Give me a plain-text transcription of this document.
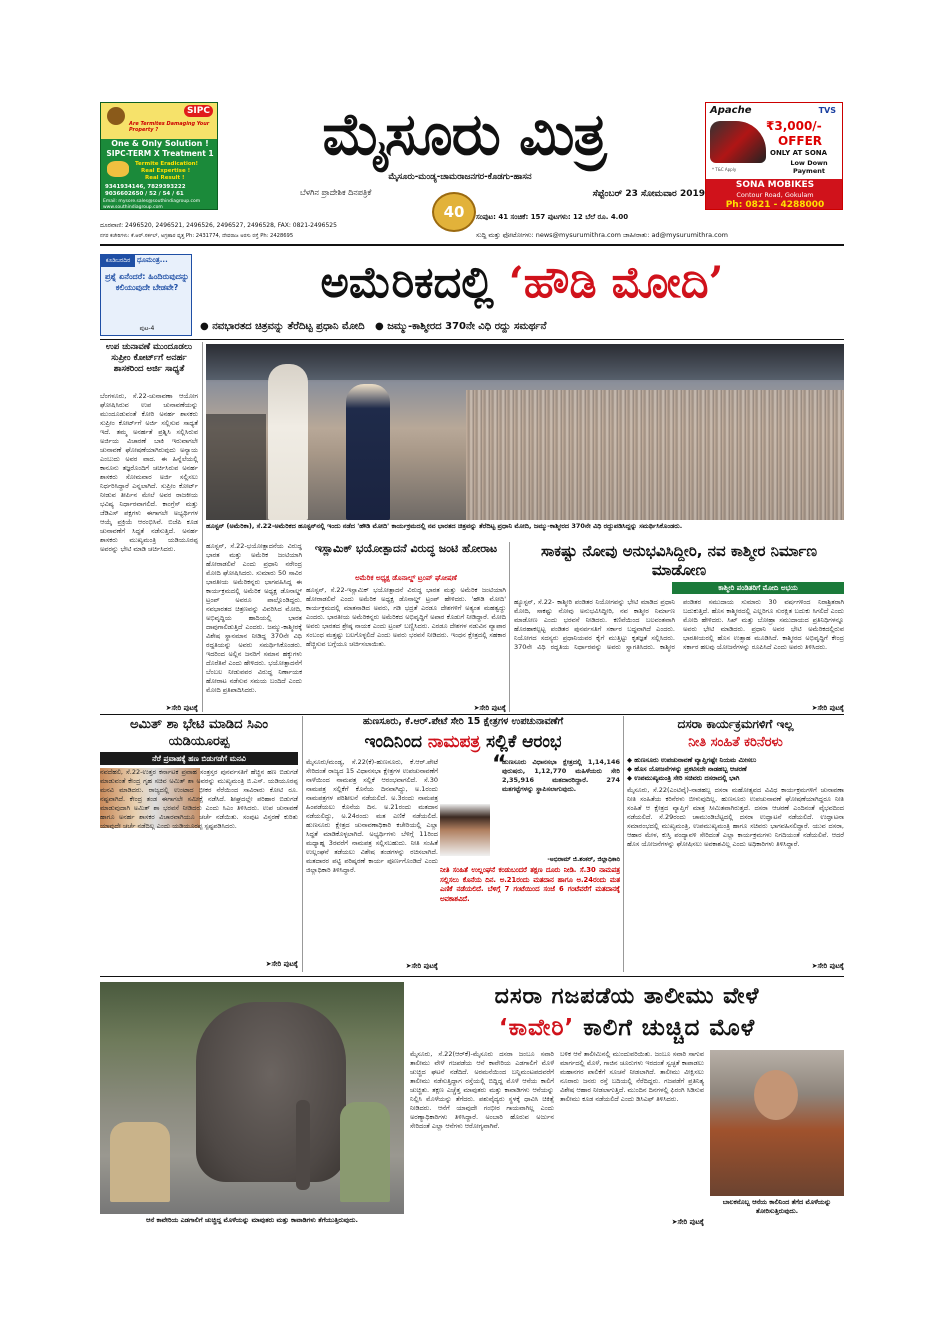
SIPC
Are Termites Damaging Your Property ?
One & Only Solution !
SIPC-TERM X Treatment 1
Termite Eradication!
Real Expertise !
Real Result !
9341934146, 7829393222
9036602650 / 52 / 54 / 61
Email: mysore.sales@southindiagroup.com
www.southindiagroup.com
ಮೈಸೂರು ಮಿತ್ರ
ಮೈಸೂರು-ಮಂಡ್ಯ-ಚಾಮರಾಜನಗರ-ಕೊಡಗು-ಹಾಸನ
ಬೆಳಗಿನ ಪ್ರಾದೇಶಿಕ ದಿನಪತ್ರಿಕೆ
40
ಸೆಪ್ಟೆಂಬರ್ 23 ಸೋಮವಾರ 2019
ಸಂಪುಟ: 41 ಸಂಚಿಕೆ: 157 ಪುಟಗಳು: 12 ಬೆಲೆ ರೂ. 4.00
ದೂರವಾಣಿ: 2496520, 2496521, 2496526, 2496527, 2496528, FAX: 0821-2496525
ನಗರ ಕಚೇರಿಗಳು: ಕೆ.ಆರ್.ಸರ್ಕಲ್, ಅಗ್ರಹಾರ ವೃತ್ತ Ph: 2431774, ದೇವರಾಜ ಅರಸು ರಸ್ತೆ Ph: 2428695	ಸುದ್ದಿ ಮತ್ತು ಫೋಟೋಗಳು: news@mysurumithra.com ಜಾಹೀರಾತು: ad@mysurumithra.com
Apache	TVS
₹3,000/-
OFFER
ONLY AT SONA
Low Down Payment
* T&C Apply
SONA MOBIKES
Contour Road, Gokulam
Ph: 0821 - 4288000
ಕೂಡಿಬರದಿರ ಧೂಮಂತ್ರ...
ಪ್ರಶ್ನೆ ಏನೆಂದರೆ: ಹಿಂದಿರುವುದನ್ನು ಕಲಿಯುವುದೇ ಬೇಡವೇ?
ಪುಟ-4
ಅಮೆರಿಕದಲ್ಲಿ ‘ಹೌಡಿ ಮೋದಿ’
● ನವಭಾರತದ ಚಿತ್ರವನ್ನು ತೆರೆದಿಟ್ಟ ಪ್ರಧಾನಿ ಮೋದಿ ● ಜಮ್ಮು-ಕಾಶ್ಮೀರದ 370ನೇ ವಿಧಿ ರದ್ದು ಸಮರ್ಥನೆ
ಉಪ ಚುನಾವಣೆ ಮುಂದೂಡಲು ಸುಪ್ರೀಂ ಕೋರ್ಟ್‌ಗೆ ಅನರ್ಹ ಶಾಸಕರಿಂದ ಅರ್ಜಿ ಸಾಧ್ಯತೆ
ಬೆಂಗಳೂರು, ಸೆ.22-ಚುನಾವಣಾ ಆಯೋಗ ಘೋಷಿಸಿರುವ ಉಪ ಚುನಾವಣೆಯನ್ನು ಮುಂದೂಡುವಂತೆ ಕೋರಿ ಅನರ್ಹ ಶಾಸಕರು ಸುಪ್ರೀಂ ಕೋರ್ಟ್‌ಗೆ ಅರ್ಜಿ ಸಲ್ಲಿಸುವ ಸಾಧ್ಯತೆ ಇದೆ. ತಮ್ಮ ಅನರ್ಹತೆ ಪ್ರಶ್ನಿಸಿ ಸಲ್ಲಿಸಿರುವ ಅರ್ಜಿಯ ವಿಚಾರಣೆ ಬಾಕಿ ಇರುವಾಗಲೇ ಚುನಾವಣೆ ಘೋಷಣೆಯಾಗಿರುವುದು ಅನ್ಯಾಯ ಎಂಬುದು ಅವರ ವಾದ. ಈ ಹಿನ್ನೆಲೆಯಲ್ಲಿ ಕಾನೂನು ತಜ್ಞರೊಂದಿಗೆ ಚರ್ಚಿಸಿರುವ ಅನರ್ಹ ಶಾಸಕರು ಸೋಮವಾರ ಅರ್ಜಿ ಸಲ್ಲಿಸಲು ನಿರ್ಧರಿಸಿದ್ದಾರೆ ಎನ್ನಲಾಗಿದೆ. ಸುಪ್ರೀಂ ಕೋರ್ಟ್ ನೀಡುವ ತೀರ್ಪಿನ ಮೇಲೆ ಅವರ ರಾಜಕೀಯ ಭವಿಷ್ಯ ನಿರ್ಧಾರವಾಗಲಿದೆ. ಕಾಂಗ್ರೆಸ್ ಮತ್ತು ಜೆಡಿಎಸ್ ಪಕ್ಷಗಳು ಈಗಾಗಲೇ ಅಭ್ಯರ್ಥಿಗಳ ಆಯ್ಕೆ ಪ್ರಕ್ರಿಯೆ ಆರಂಭಿಸಿವೆ. ಬಿಜೆಪಿ ಕೂಡ ಚುನಾವಣೆಗೆ ಸಿದ್ಧತೆ ನಡೆಸುತ್ತಿದೆ. ಅನರ್ಹ ಶಾಸಕರು ಮುಖ್ಯಮಂತ್ರಿ ಯಡಿಯೂರಪ್ಪ ಅವರನ್ನು ಭೇಟಿ ಮಾಡಿ ಚರ್ಚಿಸಿದರು.
➤ಸೇರಿ ಪುಟಕ್ಕೆ
ಹೂಸ್ಟನ್ (ಅಮೆರಿಕಾ), ಸೆ.22-ಅಮೆರಿಕದ ಹೂಸ್ಟನ್‌ನಲ್ಲಿ ಇಂದು ನಡೆದ 'ಹೌಡಿ ಮೋದಿ' ಕಾರ್ಯಕ್ರಮದಲ್ಲಿ ನವ ಭಾರತದ ಚಿತ್ರವನ್ನು ತೆರೆದಿಟ್ಟ ಪ್ರಧಾನಿ ಮೋದಿ, ಜಮ್ಮು-ಕಾಶ್ಮೀರದ 370ನೇ ವಿಧಿ ರದ್ದುಪಡಿಸಿದ್ದನ್ನು ಸಮರ್ಥಿಸಿಕೊಂಡರು.
ಹೂಸ್ಟನ್, ಸೆ.22-ಭಯೋತ್ಪಾದನೆಯ ವಿರುದ್ಧ ಭಾರತ ಮತ್ತು ಅಮೆರಿಕ ಜಂಟಿಯಾಗಿ ಹೋರಾಡಲಿವೆ ಎಂದು ಪ್ರಧಾನಿ ನರೇಂದ್ರ ಮೋದಿ ಘೋಷಿಸಿದರು. ಸುಮಾರು 50 ಸಾವಿರ ಭಾರತೀಯ ಅಮೆರಿಕನ್ನರು ಭಾಗವಹಿಸಿದ್ದ ಈ ಕಾರ್ಯಕ್ರಮದಲ್ಲಿ ಅಮೆರಿಕ ಅಧ್ಯಕ್ಷ ಡೊನಾಲ್ಡ್ ಟ್ರಂಪ್ ಅವರೂ ಪಾಲ್ಗೊಂಡಿದ್ದರು. ನವಭಾರತದ ಚಿತ್ರಣವನ್ನು ವಿವರಿಸಿದ ಮೋದಿ, ಅಭಿವೃದ್ಧಿಯ ಹಾದಿಯಲ್ಲಿ ಭಾರತ ದಾಪುಗಾಲಿಡುತ್ತಿದೆ ಎಂದರು. ಜಮ್ಮು-ಕಾಶ್ಮೀರಕ್ಕೆ ವಿಶೇಷ ಸ್ಥಾನಮಾನ ನೀಡಿದ್ದ 370ನೇ ವಿಧಿ ರದ್ದತಿಯನ್ನು ಅವರು ಸಮರ್ಥಿಸಿಕೊಂಡರು. ಇದರಿಂದ ಅಲ್ಲಿನ ಜನರಿಗೆ ಸಮಾನ ಹಕ್ಕುಗಳು ದೊರೆತಿವೆ ಎಂದು ಹೇಳಿದರು. ಭಯೋತ್ಪಾದನೆಗೆ ಬೆಂಬಲ ನೀಡುವವರ ವಿರುದ್ಧ ನಿರ್ಣಾಯಕ ಹೋರಾಟ ನಡೆಸುವ ಸಮಯ ಬಂದಿದೆ ಎಂದು ಮೋದಿ ಪ್ರತಿಪಾದಿಸಿದರು.
ಇಸ್ಲಾಮಿಕ್ ಭಯೋತ್ಪಾದನೆ ವಿರುದ್ಧ ಜಂಟಿ ಹೋರಾಟ
ಅಮೆರಿಕ ಅಧ್ಯಕ್ಷ ಡೊನಾಲ್ಡ್ ಟ್ರಂಪ್ ಘೋಷಣೆ
ಹೂಸ್ಟನ್, ಸೆ.22-ಇಸ್ಲಾಮಿಕ್ ಭಯೋತ್ಪಾದನೆ ವಿರುದ್ಧ ಭಾರತ ಮತ್ತು ಅಮೆರಿಕ ಜಂಟಿಯಾಗಿ ಹೋರಾಡಲಿವೆ ಎಂದು ಅಮೆರಿಕ ಅಧ್ಯಕ್ಷ ಡೊನಾಲ್ಡ್ ಟ್ರಂಪ್ ಹೇಳಿದರು. 'ಹೌಡಿ ಮೋದಿ' ಕಾರ್ಯಕ್ರಮದಲ್ಲಿ ಮಾತನಾಡಿದ ಅವರು, ಗಡಿ ಭದ್ರತೆ ಎರಡೂ ದೇಶಗಳಿಗೆ ಅತ್ಯಂತ ಮಹತ್ವದ್ದು ಎಂದರು. ಭಾರತೀಯ ಅಮೆರಿಕನ್ನರು ಅಮೆರಿಕದ ಅಭಿವೃದ್ಧಿಗೆ ಅಪಾರ ಕೊಡುಗೆ ನೀಡಿದ್ದಾರೆ. ಮೋದಿ ಅವರು ಭಾರತದ ಶ್ರೇಷ್ಠ ನಾಯಕ ಎಂದು ಟ್ರಂಪ್ ಬಣ್ಣಿಸಿದರು. ಎರಡೂ ದೇಶಗಳ ನಡುವಿನ ವ್ಯಾಪಾರ ಸಂಬಂಧ ಮತ್ತಷ್ಟು ಬಲಗೊಳ್ಳಲಿದೆ ಎಂದು ಅವರು ಭರವಸೆ ನೀಡಿದರು. ಇಂಧನ ಕ್ಷೇತ್ರದಲ್ಲಿ ಸಹಕಾರ ಹೆಚ್ಚಿಸುವ ಬಗ್ಗೆಯೂ ಚರ್ಚಿಸಲಾಯಿತು.
➤ಸೇರಿ ಪುಟಕ್ಕೆ
ಸಾಕಷ್ಟು ನೋವು ಅನುಭವಿಸಿದ್ದೀರಿ, ನವ ಕಾಶ್ಮೀರ ನಿರ್ಮಾಣ ಮಾಡೋಣ
ಕಾಶ್ಮೀರಿ ಪಂಡಿತರಿಗೆ ಮೋದಿ ಅಭಯ
ಹ್ಯೂಸ್ಟನ್, ಸೆ.22- ಕಾಶ್ಮೀರಿ ಪಂಡಿತರ ನಿಯೋಗವನ್ನು ಭೇಟಿ ಮಾಡಿದ ಪ್ರಧಾನಿ ಮೋದಿ, ಸಾಕಷ್ಟು ನೋವು ಅನುಭವಿಸಿದ್ದೀರಿ, ನವ ಕಾಶ್ಮೀರ ನಿರ್ಮಾಣ ಮಾಡೋಣ ಎಂದು ಭರವಸೆ ನೀಡಿದರು. ಕಣಿವೆಯಿಂದ ಬಲವಂತವಾಗಿ ಹೊರಹಾಕಲ್ಪಟ್ಟ ಪಂಡಿತರ ಪುನರ್ವಸತಿಗೆ ಸರ್ಕಾರ ಬದ್ಧವಾಗಿದೆ ಎಂದರು. ನಿಯೋಗದ ಸದಸ್ಯರು ಪ್ರಧಾನಿಯವರ ಕೈಗೆ ಮುತ್ತಿಟ್ಟು ಕೃತಜ್ಞತೆ ಸಲ್ಲಿಸಿದರು. 370ನೇ ವಿಧಿ ರದ್ದತಿಯ ನಿರ್ಧಾರವನ್ನು ಅವರು ಸ್ವಾಗತಿಸಿದರು. ಕಾಶ್ಮೀರ ಪಂಡಿತರ ಸಮುದಾಯ ಸುಮಾರು 30 ವರ್ಷಗಳಿಂದ ನಿರಾಶ್ರಿತರಾಗಿ ಬದುಕುತ್ತಿದೆ. ಹೊಸ ಕಾಶ್ಮೀರದಲ್ಲಿ ಎಲ್ಲರಿಗೂ ಸುರಕ್ಷಿತ ಬದುಕು ಸಿಗಲಿದೆ ಎಂದು ಮೋದಿ ಹೇಳಿದರು. ಸಿಖ್ ಮತ್ತು ಬೋಹ್ರಾ ಸಮುದಾಯದ ಪ್ರತಿನಿಧಿಗಳನ್ನೂ ಅವರು ಭೇಟಿ ಮಾಡಿದರು. ಪ್ರಧಾನಿ ಅವರ ಭೇಟಿ ಅಮೆರಿಕದಲ್ಲಿರುವ ಭಾರತೀಯರಲ್ಲಿ ಹೊಸ ಉತ್ಸಾಹ ಮೂಡಿಸಿದೆ. ಕಾಶ್ಮೀರದ ಅಭಿವೃದ್ಧಿಗೆ ಕೇಂದ್ರ ಸರ್ಕಾರ ಹಲವು ಯೋಜನೆಗಳನ್ನು ರೂಪಿಸಿದೆ ಎಂದು ಅವರು ತಿಳಿಸಿದರು.
➤ಸೇರಿ ಪುಟಕ್ಕೆ
ಅಮಿತ್ ಶಾ ಭೇಟಿ ಮಾಡಿದ ಸಿಎಂ ಯಡಿಯೂರಪ್ಪ
ನೆರೆ ಪ್ರವಾಹಕ್ಕೆ ಹಣ ಬಿಡುಗಡೆಗೆ ಮನವಿ
ನವದೆಹಲಿ, ಸೆ.22-ಉತ್ತರ ಕರ್ನಾಟಕ ಪ್ರವಾಹ ಸಂತ್ರಸ್ತರ ಪುನರ್ವಸತಿಗೆ ಹೆಚ್ಚಿನ ಹಣ ಬಿಡುಗಡೆ ಮಾಡುವಂತೆ ಕೇಂದ್ರ ಗೃಹ ಸಚಿವ ಅಮಿತ್ ಶಾ ಅವರನ್ನು ಮುಖ್ಯಮಂತ್ರಿ ಬಿ.ಎಸ್. ಯಡಿಯೂರಪ್ಪ ಮನವಿ ಮಾಡಿದರು. ರಾಜ್ಯದಲ್ಲಿ ಉಂಟಾದ ಭೀಕರ ನೆರೆಯಿಂದ ಸಾವಿರಾರು ಕೋಟಿ ರೂ. ನಷ್ಟವಾಗಿದೆ. ಕೇಂದ್ರ ತಂಡ ಈಗಾಗಲೇ ಸಮೀಕ್ಷೆ ನಡೆಸಿದೆ. ಶೀಘ್ರದಲ್ಲೇ ಪರಿಹಾರ ಬಿಡುಗಡೆ ಮಾಡುವುದಾಗಿ ಅಮಿತ್ ಶಾ ಭರವಸೆ ನೀಡಿದರು ಎಂದು ಸಿಎಂ ತಿಳಿಸಿದರು. ಉಪ ಚುನಾವಣೆ ಹಾಗೂ ಅನರ್ಹ ಶಾಸಕರ ವಿಚಾರವಾಗಿಯೂ ಚರ್ಚೆ ನಡೆಯಿತು. ಸಂಪುಟ ವಿಸ್ತರಣೆ ಕುರಿತು ಯಾವುದೇ ಚರ್ಚೆ ನಡೆದಿಲ್ಲ ಎಂದು ಯಡಿಯೂರಪ್ಪ ಸ್ಪಷ್ಟಪಡಿಸಿದರು.
➤ಸೇರಿ ಪುಟಕ್ಕೆ
ಹುಣಸೂರು, ಕೆ.ಆರ್.ಪೇಟೆ ಸೇರಿ 15 ಕ್ಷೇತ್ರಗಳ ಉಪಚುನಾವಣೆಗೆ
ಇಂದಿನಿಂದ ನಾಮಪತ್ರ ಸಲ್ಲಿಕೆ ಆರಂಭ
ಮೈಸೂರು/ಮಂಡ್ಯ, ಸೆ.22(ಕೆ)-ಹುಣಸೂರು, ಕೆ.ಆರ್.ಪೇಟೆ ಸೇರಿದಂತೆ ರಾಜ್ಯದ 15 ವಿಧಾನಸಭಾ ಕ್ಷೇತ್ರಗಳ ಉಪಚುನಾವಣೆಗೆ ನಾಳೆಯಿಂದ ನಾಮಪತ್ರ ಸಲ್ಲಿಕೆ ಆರಂಭವಾಗಲಿದೆ. ಸೆ.30 ನಾಮಪತ್ರ ಸಲ್ಲಿಕೆಗೆ ಕೊನೆಯ ದಿನವಾಗಿದ್ದು, ಅ.1ರಂದು ನಾಮಪತ್ರಗಳ ಪರಿಶೀಲನೆ ನಡೆಯಲಿದೆ. ಅ.3ರಂದು ನಾಮಪತ್ರ ಹಿಂಪಡೆಯಲು ಕೊನೆಯ ದಿನ. ಅ.21ರಂದು ಮತದಾನ ನಡೆಯಲಿದ್ದು, ಅ.24ರಂದು ಮತ ಎಣಿಕೆ ನಡೆಯಲಿದೆ. ಹುಣಸೂರು ಕ್ಷೇತ್ರದ ಚುನಾವಣಾಧಿಕಾರಿ ಕಚೇರಿಯಲ್ಲಿ ಎಲ್ಲಾ ಸಿದ್ಧತೆ ಮಾಡಿಕೊಳ್ಳಲಾಗಿದೆ. ಅಭ್ಯರ್ಥಿಗಳು ಬೆಳಿಗ್ಗೆ 11ರಿಂದ ಮಧ್ಯಾಹ್ನ 3ರವರೆಗೆ ನಾಮಪತ್ರ ಸಲ್ಲಿಸಬಹುದು. ನೀತಿ ಸಂಹಿತೆ ಉಲ್ಲಂಘನೆ ತಡೆಯಲು ವಿಶೇಷ ತಂಡಗಳನ್ನು ರಚಿಸಲಾಗಿದೆ. ಮತದಾರರ ಪಟ್ಟಿ ಪರಿಷ್ಕರಣೆ ಕಾರ್ಯ ಪೂರ್ಣಗೊಂಡಿದೆ ಎಂದು ಜಿಲ್ಲಾಧಿಕಾರಿ ತಿಳಿಸಿದ್ದಾರೆ.
“
ಹುಣಸೂರು ವಿಧಾನಸಭಾ ಕ್ಷೇತ್ರದಲ್ಲಿ 1,14,146 ಪುರುಷರು, 1,12,770 ಮಹಿಳೆಯರು ಸೇರಿ 2,35,916 ಮತದಾರರಿದ್ದಾರೆ. 274 ಮತಗಟ್ಟೆಗಳನ್ನು ಸ್ಥಾಪಿಸಲಾಗುವುದು.
-ಅಭಿರಾಮ್ ಜಿ.ಶಂಕರ್, ಜಿಲ್ಲಾಧಿಕಾರಿ
ನೀತಿ ಸಂಹಿತೆ ಉಲ್ಲಂಘನೆ ಕಂಡುಬಂದರೆ ತಕ್ಷಣ ದೂರು ನೀಡಿ. ಸೆ.30 ನಾಮಪತ್ರ ಸಲ್ಲಿಸಲು ಕೊನೆಯ ದಿನ. ಅ.21ರಂದು ಮತದಾನ ಹಾಗೂ ಅ.24ರಂದು ಮತ ಎಣಿಕೆ ನಡೆಯಲಿದೆ. ಬೆಳಿಗ್ಗೆ 7 ಗಂಟೆಯಿಂದ ಸಂಜೆ 6 ಗಂಟೆವರೆಗೆ ಮತದಾನಕ್ಕೆ ಅವಕಾಶವಿದೆ.
➤ಸೇರಿ ಪುಟಕ್ಕೆ
ದಸರಾ ಕಾರ್ಯಕ್ರಮಗಳಿಗೆ ಇಲ್ಲ
ನೀತಿ ಸಂಹಿತೆ ಕರಿನೆರಳು
◆ ಹುಣಸೂರು ಉಪಚುನಾವಣೆ ವ್ಯಾಪ್ತಿಗಷ್ಟೇ ನಿಯಮ ಮೀಸಲು
◆ ಹೊಸ ಯೋಜನೆಗಳನ್ನು ಪ್ರಕಟಿಸದೇ ನಾಡಹಬ್ಬ ಆಚರಣೆ
◆ ಉಪಮುಖ್ಯಮಂತ್ರಿ ಸೇರಿ ಸಚಿವರು ದಸರಾದಲ್ಲಿ ಭಾಗಿ
ಮೈಸೂರು, ಸೆ.22(ಎಂಟಿವೈ)-ನಾಡಹಬ್ಬ ದಸರಾ ಮಹೋತ್ಸವದ ವಿವಿಧ ಕಾರ್ಯಕ್ರಮಗಳಿಗೆ ಚುನಾವಣಾ ನೀತಿ ಸಂಹಿತೆಯ ಕರಿನೆರಳು ಬೀಳುವುದಿಲ್ಲ. ಹುಣಸೂರು ಉಪಚುನಾವಣೆ ಘೋಷಣೆಯಾಗಿದ್ದರೂ ನೀತಿ ಸಂಹಿತೆ ಆ ಕ್ಷೇತ್ರದ ವ್ಯಾಪ್ತಿಗೆ ಮಾತ್ರ ಸೀಮಿತವಾಗಿರುತ್ತದೆ. ದಸರಾ ಆಚರಣೆ ಎಂದಿನಂತೆ ವೈಭವದಿಂದ ನಡೆಯಲಿದೆ. ಸೆ.29ರಂದು ಚಾಮುಂಡಿಬೆಟ್ಟದಲ್ಲಿ ದಸರಾ ಉದ್ಘಾಟನೆ ನಡೆಯಲಿದೆ. ಉದ್ಘಾಟನಾ ಸಮಾರಂಭದಲ್ಲಿ ಮುಖ್ಯಮಂತ್ರಿ, ಉಪಮುಖ್ಯಮಂತ್ರಿ ಹಾಗೂ ಸಚಿವರು ಭಾಗವಹಿಸಲಿದ್ದಾರೆ. ಯುವ ದಸರಾ, ಆಹಾರ ಮೇಳ, ಕುಸ್ತಿ ಪಂದ್ಯಾವಳಿ ಸೇರಿದಂತೆ ಎಲ್ಲಾ ಕಾರ್ಯಕ್ರಮಗಳು ನಿಗದಿಯಂತೆ ನಡೆಯಲಿವೆ. ಆದರೆ ಹೊಸ ಯೋಜನೆಗಳನ್ನು ಘೋಷಿಸಲು ಅವಕಾಶವಿಲ್ಲ ಎಂದು ಅಧಿಕಾರಿಗಳು ತಿಳಿಸಿದ್ದಾರೆ.
➤ಸೇರಿ ಪುಟಕ್ಕೆ
ಆನೆ ಕಾವೇರಿಯ ಎಡಗಾಲಿಗೆ ಚುಚ್ಚಿದ್ದ ಮೊಳೆಯನ್ನು ಮಾವುತರು ಮತ್ತು ಕಾವಾಡಿಗಳು ತೆಗೆಯುತ್ತಿರುವುದು.
ದಸರಾ ಗಜಪಡೆಯ ತಾಲೀಮು ವೇಳೆ
‘ಕಾವೇರಿ’ ಕಾಲಿಗೆ ಚುಚ್ಚಿದ ಮೊಳೆ
ಮೈಸೂರು, ಸೆ.22(ಆರ್‌ಕೆ)-ಮೈಸೂರು ದಸರಾ ಜಂಬೂ ಸವಾರಿ ತಾಲೀಮು ವೇಳೆ ಗಜಪಡೆಯ ಆನೆ ಕಾವೇರಿಯ ಎಡಗಾಲಿಗೆ ಮೊಳೆ ಚುಚ್ಚಿದ ಘಟನೆ ನಡೆದಿದೆ. ಅರಮನೆಯಿಂದ ಬನ್ನಿಮಂಟಪದವರೆಗೆ ತಾಲೀಮು ನಡೆಸುತ್ತಿದ್ದಾಗ ರಸ್ತೆಯಲ್ಲಿ ಬಿದ್ದಿದ್ದ ಮೊಳೆ ಆನೆಯ ಕಾಲಿಗೆ ಚುಚ್ಚಿತು. ತಕ್ಷಣ ಎಚ್ಚೆತ್ತ ಮಾವುತರು ಮತ್ತು ಕಾವಾಡಿಗಳು ಆನೆಯನ್ನು ನಿಲ್ಲಿಸಿ ಮೊಳೆಯನ್ನು ತೆಗೆದರು. ಪಶುವೈದ್ಯರು ಸ್ಥಳಕ್ಕೆ ಧಾವಿಸಿ ಚಿಕಿತ್ಸೆ ನೀಡಿದರು. ಆನೆಗೆ ಯಾವುದೇ ಗಂಭೀರ ಗಾಯವಾಗಿಲ್ಲ ಎಂದು ಅರಣ್ಯಾಧಿಕಾರಿಗಳು ತಿಳಿಸಿದ್ದಾರೆ. ಅಂಬಾರಿ ಹೊರುವ ಅರ್ಜುನ ಸೇರಿದಂತೆ ಎಲ್ಲಾ ಆನೆಗಳು ಆರೋಗ್ಯವಾಗಿವೆ.
ಬಳಿಕ ಆನೆ ತಾಲೀಮಿನಲ್ಲಿ ಮುಂದುವರಿಯಿತು. ಜಂಬೂ ಸವಾರಿ ಸಾಗುವ ಮಾರ್ಗದಲ್ಲಿ ಮೊಳೆ, ಗಾಜಿನ ಚೂರುಗಳು ಇರದಂತೆ ಸ್ವಚ್ಛತೆ ಕಾಪಾಡಲು ಮಹಾನಗರ ಪಾಲಿಕೆಗೆ ಸೂಚನೆ ನೀಡಲಾಗಿದೆ. ತಾಲೀಮು ವೀಕ್ಷಿಸಲು ನೂರಾರು ಜನರು ರಸ್ತೆ ಬದಿಯಲ್ಲಿ ನೆರೆದಿದ್ದರು. ಗಜಪಡೆಗೆ ಪ್ರತಿನಿತ್ಯ ವಿಶೇಷ ಆಹಾರ ನೀಡಲಾಗುತ್ತಿದೆ. ಮುಂದಿನ ದಿನಗಳಲ್ಲಿ ಫಿರಂಗಿ ಸಿಡಿಸುವ ತಾಲೀಮು ಕೂಡ ನಡೆಯಲಿದೆ ಎಂದು ಡಿಸಿಎಫ್ ತಿಳಿಸಿದರು.
➤ಸೇರಿ ಪುಟಕ್ಕೆ
ಬಾಲಕನೊಬ್ಬ ಆನೆಯ ಕಾಲಿನಿಂದ ತೆಗೆದ ಮೊಳೆಯನ್ನು ತೋರಿಸುತ್ತಿರುವುದು.
